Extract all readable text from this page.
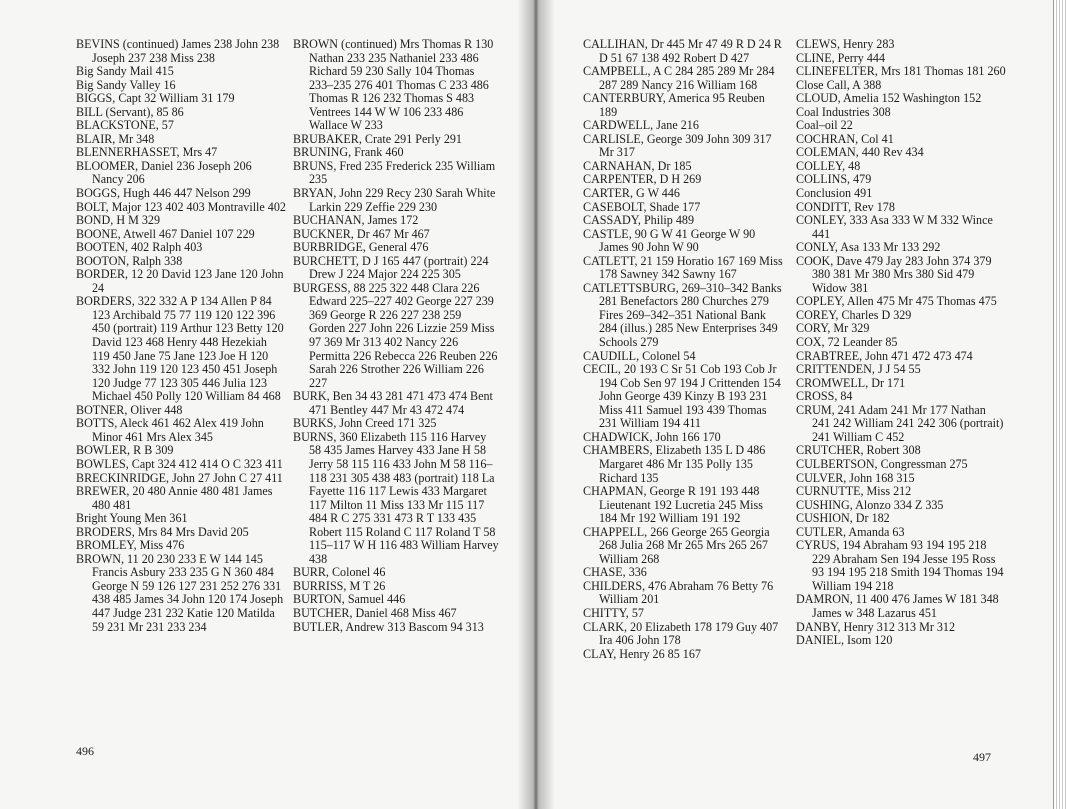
BEVINS (continued) James 238 John 238 Joseph 237 238 Miss 238

Big Sandy Mail 415

Big Sandy Valley 16

BIGGS, Capt 32 William 31 179

BILL (Servant), 85 86

BLACKSTONE, 57

BLAIR, Mr 348

BLENNERHASSET, Mrs 47

BLOOMER, Daniel 236 Joseph 206 Nancy 206

BOGGS, Hugh 446 447 Nelson 299

BOLT, Major 123 402 403 Montraville 402

BOND, H M 329

BOONE, Atwell 467 Daniel 107 229

BOOTEN, 402 Ralph 403

BOOTON, Ralph 338

BORDER, 12 20 David 123 Jane 120 John 24

BORDERS, 322 332 A P 134 Allen P 84 123 Archibald 75 77 119 120 122 396 450 (portrait) 119 Arthur 123 Betty 120 David 123 468 Henry 448 Hezekiah 119 450 Jane 75 Jane 123 Joe H 120 332 John 119 120 123 450 451 Joseph 120 Judge 77 123 305 446 Julia 123 Michael 450 Polly 120 William 84 468

BOTNER, Oliver 448

BOTTS, Aleck 461 462 Alex 419 John Minor 461 Mrs Alex 345

BOWLER, R B 309

BOWLES, Capt 324 412 414 O C 323 411

BRECKINRIDGE, John 27 John C 27 411

BREWER, 20 480 Annie 480 481 James 480 481

Bright Young Men 361

BRODERS, Mrs 84 Mrs David 205

BROMLEY, Miss 476

BROWN, 11 20 230 233 E W 144 145 Francis Asbury 233 235 G N 360 484 George N 59 126 127 231 252 276 331 438 485 James 34 John 120 174 Joseph 447 Judge 231 232 Katie 120 Matilda 59 231 Mr 231 233 234

BROWN (continued) Mrs Thomas R 130 Nathan 233 235 Nathaniel 233 486 Richard 59 230 Sally 104 Thomas 233–235 276 401 Thomas C 233 486 Thomas R 126 232 Thomas S 483 Ventrees 144 W W 106 233 486 Wallace W 233

BRUBAKER, Crate 291 Perly 291

BRUNING, Frank 460

BRUNS, Fred 235 Frederick 235 William 235

BRYAN, John 229 Recy 230 Sarah White Larkin 229 Zeffie 229 230

BUCHANAN, James 172

BUCKNER, Dr 467 Mr 467

BURBRIDGE, General 476

BURCHETT, D J 165 447 (portrait) 224 Drew J 224 Major 224 225 305

BURGESS, 88 225 322 448 Clara 226 Edward 225–227 402 George 227 239 369 George R 226 227 238 259 Gorden 227 John 226 Lizzie 259 Miss 97 369 Mr 313 402 Nancy 226 Permitta 226 Rebecca 226 Reuben 226 Sarah 226 Strother 226 William 226 227

BURK, Ben 34 43 281 471 473 474 Bent 471 Bentley 447 Mr 43 472 474

BURKS, John Creed 171 325

BURNS, 360 Elizabeth 115 116 Harvey 58 435 James Harvey 433 Jane H 58 Jerry 58 115 116 433 John M 58 116–118 231 305 438 483 (portrait) 118 La Fayette 116 117 Lewis 433 Margaret 117 Milton 11 Miss 133 Mr 115 117 484 R C 275 331 473 R T 133 435 Robert 115 Roland C 117 Roland T 58 115–117 W H 116 483 William Harvey 438

BURR, Colonel 46

BURRISS, M T 26

BURTON, Samuel 446

BUTCHER, Daniel 468 Miss 467

BUTLER, Andrew 313 Bascom 94 313

496	497

CALLIHAN, Dr 445 Mr 47 49 R D 24 R D 51 67 138 492 Robert D 427

CAMPBELL, A C 284 285 289 Mr 284 287 289 Nancy 216 William 168

CANTERBURY, America 95 Reuben 189

CARDWELL, Jane 216

CARLISLE, George 309 John 309 317 Mr 317

CARNAHAN, Dr 185

CARPENTER, D H 269

CARTER, G W 446

CASEBOLT, Shade 177

CASSADY, Philip 489

CASTLE, 90 G W 41 George W 90 James 90 John W 90

CATLETT, 21 159 Horatio 167 169 Miss 178 Sawney 342 Sawny 167

CATLETTSBURG, 269–310–342 Banks 281 Benefactors 280 Churches 279 Fires 269–342–351 National Bank 284 (illus.) 285 New Enterprises 349 Schools 279

CAUDILL, Colonel 54

CECIL, 20 193 C Sr 51 Cob 193 Cob Jr 194 Cob Sen 97 194 J Crittenden 154 John George 439 Kinzy B 193 231 Miss 411 Samuel 193 439 Thomas 231 William 194 411

CHADWICK, John 166 170

CHAMBERS, Elizabeth 135 L D 486 Margaret 486 Mr 135 Polly 135 Richard 135

CHAPMAN, George R 191 193 448 Lieutenant 192 Lucretia 245 Miss 184 Mr 192 William 191 192

CHAPPELL, 266 George 265 Georgia 268 Julia 268 Mr 265 Mrs 265 267 William 268

CHASE, 336

CHILDERS, 476 Abraham 76 Betty 76 William 201

CHITTY, 57

CLARK, 20 Elizabeth 178 179 Guy 407 Ira 406 John 178

CLAY, Henry 26 85 167

CLEWS, Henry 283

CLINE, Perry 444

CLINEFELTER, Mrs 181 Thomas 181 260

Close Call, A 388

CLOUD, Amelia 152 Washington 152

Coal Industries 308

Coal–oil 22

COCHRAN, Col 41

COLEMAN, 440 Rev 434

COLLEY, 48

COLLINS, 479

Conclusion 491

CONDITT, Rev 178

CONLEY, 333 Asa 333 W M 332 Wince 441

CONLY, Asa 133 Mr 133 292

COOK, Dave 479 Jay 283 John 374 379 380 381 Mr 380 Mrs 380 Sid 479 Widow 381

COPLEY, Allen 475 Mr 475 Thomas 475

COREY, Charles D 329

CORY, Mr 329

COX, 72 Leander 85

CRABTREE, John 471 472 473 474

CRITTENDEN, J J 54 55

CROMWELL, Dr 171

CROSS, 84

CRUM, 241 Adam 241 Mr 177 Nathan 241 242 William 241 242 306 (portrait) 241 William C 452

CRUTCHER, Robert 308

CULBERTSON, Congressman 275

CULVER, John 168 315

CURNUTTE, Miss 212

CUSHING, Alonzo 334 Z 335

CUSHION, Dr 182

CUTLER, Amanda 63

CYRUS, 194 Abraham 93 194 195 218 229 Abraham Sen 194 Jesse 195 Ross 93 194 195 218 Smith 194 Thomas 194 William 194 218

DAMRON, 11 400 476 James W 181 348 James w 348 Lazarus 451

DANBY, Henry 312 313 Mr 312

DANIEL, Isom 120
